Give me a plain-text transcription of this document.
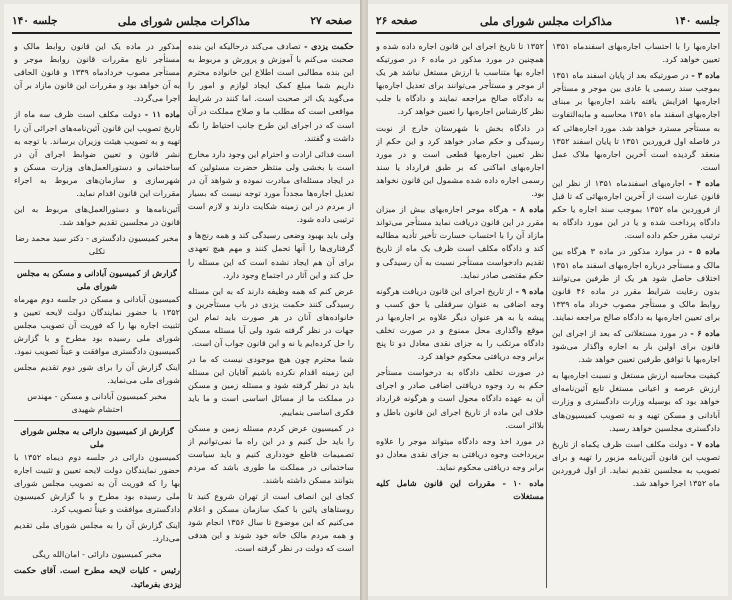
صفحه ۲۷
مذاکرات مجلس شورای ملی
جلسه ۱۴۰

حکمت یزدی - تصادف می‌کند درحالیکه این بنده صحبت می‌کنم با آموزش و پرورش و مربوط به این بنده مطالبی است اطلاع این خانواده محترم داریم شما مبلغ کمک ایجاد لوازم و امور را می‌گوید یک اثر صحبت است. اما کنند در شرایط مواقعی است که مطلب ما و صلاح مملکت در آن است که در اجرای این طرح جانب احتیاط را نگه داشت و گفتند.

است فدائی ارادت و احترام این وجود دارد مخارج است با بخشی ولی منتظر حضرت مسئولین که در ایجاد مسئله‌ای مبادرت نموده و شواهد آن در تعدیل اجاره‌ها مجدداً مورد توجه نیست که بسیار از مردم در این زمینه شکایت دارند و لازم است ترتیبی داده شود.

ولی باید بهبود وضعی رسیدگی کند و همه رنج‌ها و گرفتاری‌ها را آنها تحمل کنند و مهم هیچ تعهدی برای آن هم ایجاد نشده است که این مسئله را حل کند و این آثار در اجتماع وجود دارد.

عرض کنم که همه وظیفه دارند که به این مسئله رسیدگی کنند حکمت یزدی در باب مستأجرین و خانواده‌های آنان در هر صورت باید تمام این جهات در نظر گرفته شود ولی آیا مسئله مسکن را حل کرده‌ایم یا نه و این قانون جواب آن است.

شما محترم چون هیچ موجودی نیست که ما در این زمینه اقدام نکرده باشیم آقایان این مسئله باید در نظر گرفته شود و مسئله زمین و مسکن در مملکت ما از مسائل اساسی است و ما باید فکری اساسی بنماییم.

در کمیسیون عرض کردم مسئله زمین و مسکن را باید حل کنیم و در این راه ما نمی‌توانیم از تصمیمات قاطع خودداری کنیم و باید سیاست ساختمانی در مملکت ما طوری باشد که مردم بتوانند مسکن داشته باشند.

کجای این انصاف است از تهران شروع کنید تا روستاهای پائین با کمک سازمان مسکن و اعلام می‌کنیم که این موضوع تا سال ۱۳۵۶ انجام شود و همه مردم مالک خانه خود شوند و این هدفی است که دولت در نظر گرفته است.

مذکور در ماده یک این قانون روابط مالک و مستأجر تابع مقررات قانون روابط موجر و مستأجر مصوب خردادماه ۱۳۳۹ و قانون الحاقی به آن خواهد بود و مقررات این قانون مازاد بر آن اجرا می‌گردد.

ماده ۱۱ - دولت مکلف است ظرف سه ماه از تاریخ تصویب این قانون آئین‌نامه‌های اجرائی آن را تهیه و به تصویب هیئت وزیران برساند. با توجه به نشر قانون و تعیین ضوابط اجرای آن در ساختمانی و دستورالعمل‌های وزارت مسکن و شهرسازی و سازمان‌های مربوط به اجراء مقررات این قانون اقدام نماید.

آئین‌نامه‌ها و دستورالعمل‌های مربوط به این قانون در مجلسین تقدیم خواهد شد.

مخبر کمیسیون دادگستری - دکتر سید محمد رضا تکلی
گزارش از کمیسیون آبادانی و مسکن به مجلس شورای ملی

کمیسیون آبادانی و مسکن در جلسه دوم مهرماه ۱۳۵۲ با حضور نمایندگان دولت لایحه تعیین و تثبیت اجاره بها را که فوریت آن تصویب مجلس شورای ملی رسیده بود مطرح و با گزارش کمیسیون دادگستری موافقت و عیناً تصویب نمود.

اینک گزارش آن را برای شور دوم تقدیم مجلس شورای ملی می‌نماید.

مخبر کمیسیون آبادانی و مسکن - مهندس احتشام شهیدی
گزارش از کمیسیون دارائی به مجلس شورای ملی

کمیسیون دارائی در جلسه دوم دیماه ۱۳۵۲ با حضور نمایندگان دولت لایحه تعیین و تثبیت اجاره بها را که فوریت آن به تصویب مجلس شورای ملی رسیده بود مطرح و با گزارش کمیسیون دادگستری موافقت و عیناً تصویب کرد.

اینک گزارش آن را به مجلس شورای ملی تقدیم می‌دارد.

مخبر کمیسیون دارائی - امان‌الله ریگی

رئیس - کلیات لایحه مطرح است. آقای حکمت یزدی بفرمائید.

جلسه ۱۴۰
مذاکرات مجلس شورای ملی
صفحه ۲۶

اجاره‌بها را با احتساب اجاره‌بهای اسفندماه ۱۳۵۱ تعیین خواهد کرد.

ماده ۳ - در صورتیکه بعد از پایان اسفند ماه ۱۳۵۱ بموجب سند رسمی یا عادی بین موجر و مستأجر اجاره‌بها افزایش یافته باشد اجاره‌بها بر مبنای اجاره‌بهای اسفند ماه ۱۳۵۱ محاسبه و مابه‌التفاوت به مستأجر مسترد خواهد شد. مورد اجاره‌هائی که در فاصله اول فروردین ۱۳۵۱ تا پایان اسفند ۱۳۵۲ منعقد گردیده است آخرین اجاره‌بها ملاک عمل است.

ماده ۴ - اجاره‌بهای اسفندماه ۱۳۵۱ از نظر این قانون عبارت است از آخرین اجاره‌بهائی که تا قبل از فروردین ماه ۱۳۵۲ بموجب سند اجاره یا حکم دادگاه پرداخت شده و یا در این مورد دادگاه به ترتیب مقرر حکم داده است.

ماده ۵ - در موارد مذکور در ماده ۳ هرگاه بین مالک و مستأجر درباره اجاره‌بهای اسفند ماه ۱۳۵۱ اختلاف حاصل شود هر یک از طرفین می‌توانند بدون رعایت شرایط مقرر در ماده ۴۶ قانون روابط مالک و مستأجر مصوب خرداد ماه ۱۳۳۹ برای تعیین اجاره‌بها به دادگاه صالح مراجعه نمایند.

ماده ۶ - در مورد مستغلاتی که بعد از اجرای این قانون برای اولین بار به اجاره واگذار می‌شود اجاره‌بها با توافق طرفین تعیین خواهد شد.

کیفیت محاسبه ارزش مستغل و نسبت اجاره‌بها به ارزش عرصه و اعیانی مستغل تابع آئین‌نامه‌ای خواهد بود که بوسیله وزارت دادگستری و وزارت آبادانی و مسکن تهیه و به تصویب کمیسیون‌های دادگستری مجلسین خواهد رسید.

ماده ۷ - دولت مکلف است ظرف یکماه از تاریخ تصویب این قانون آئین‌نامه مزبور را تهیه و برای تصویب به مجلسین تقدیم نماید. از اول فروردین ماه ۱۳۵۲ اجرا خواهد شد.

۱۳۵۲ تا تاریخ اجرای این قانون اجاره داده شده و همچنین در مورد مذکور در ماده ۶ در صورتیکه اجاره بها متناسب با ارزش مستغل نباشد هر یک از موجر و مستأجر می‌توانند برای تعدیل اجاره‌بها به دادگاه صالح مراجعه نمایند و دادگاه با جلب نظر کارشناس اجاره‌بها را تعیین خواهد کرد.

در دادگاه بخش با شهرستان خارج از نوبت رسیدگی و حکم صادر خواهد کرد و این حکم از نظر تعیین اجاره‌بها قطعی است و در مورد اجاره‌بهای اماکنی که بر طبق قرارداد یا سند رسمی اجاره داده شده مشمول این قانون نخواهد بود.

ماده ۸ - هرگاه موجر اجاره‌بهای بیش از میزان مقرر در این قانون دریافت نماید مستأجر می‌تواند مازاد آن را با احتساب خسارت تأخیر تأدیه مطالبه کند و دادگاه مکلف است ظرف یک ماه از تاریخ تقدیم دادخواست مستأجر نسبت به آن رسیدگی و حکم مقتضی صادر نماید.

ماده ۹ - از تاریخ اجرای این قانون دریافت هرگونه وجه اضافی به عنوان سرقفلی یا حق کسب و پیشه یا به هر عنوان دیگر علاوه بر اجاره‌بها در موقع واگذاری محل ممنوع و در صورت تخلف دادگاه مرتکب را به جزای نقدی معادل دو تا پنج برابر وجه دریافتی محکوم خواهد کرد.

در صورت تخلف دادگاه به درخواست مستأجر حکم به رد وجوه دریافتی اضافی صادر و اجرای آن به عهده دادگاه محول است و هرگونه قرارداد خلاف این ماده از تاریخ اجرای این قانون باطل و بلااثر است.

در مورد اخذ وجه دادگاه میتواند موجر را علاوه برپرداخت وجوه دریافتی به جزای نقدی معادل دو برابر وجه دریافتی محکوم نماید.

ماده ۱۰ - مقررات این قانون شامل کلیه مستغلات
